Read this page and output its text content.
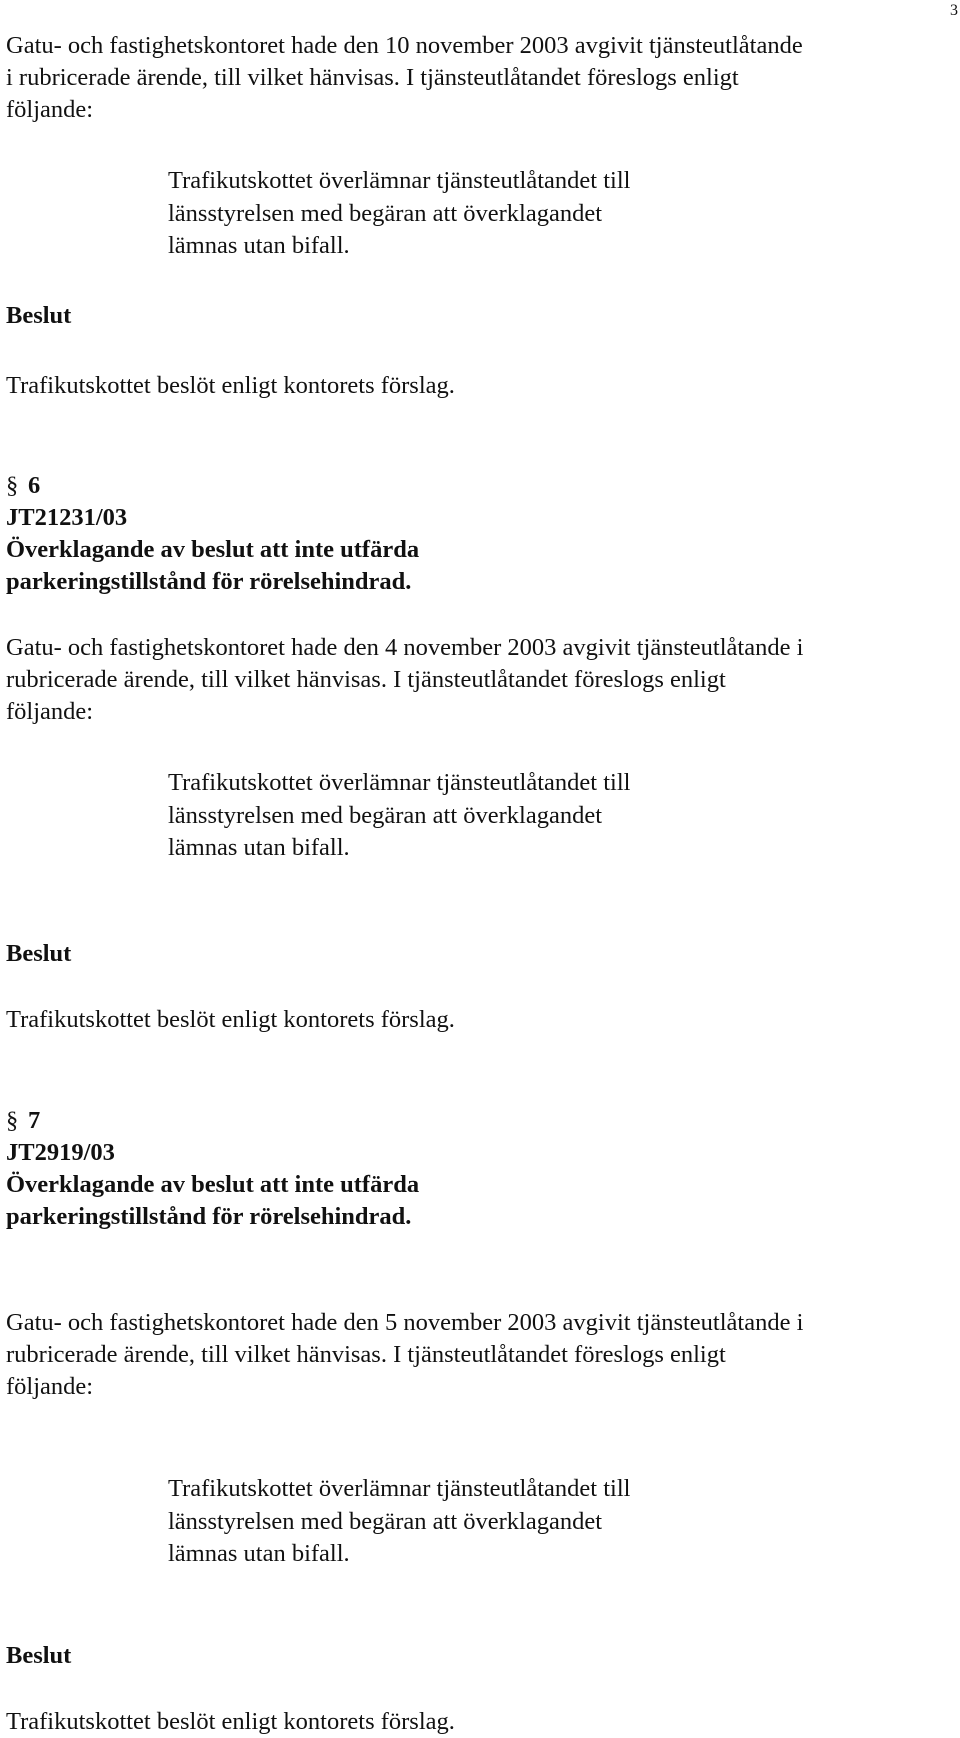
3
Gatu- och fastighetskontoret hade den 10 november 2003 avgivit tjänsteutlåtande
i rubricerade ärende, till vilket hänvisas. I tjänsteutlåtandet föreslogs enligt
följande:
Trafikutskottet överlämnar tjänsteutlåtandet till
länsstyrelsen med begäran att överklagandet
lämnas utan bifall.
Beslut
Trafikutskottet beslöt enligt kontorets förslag.
§ 6
JT21231/03
Överklagande av beslut att inte utfärda
parkeringstillstånd för rörelsehindrad.
Gatu- och fastighetskontoret hade den 4 november 2003 avgivit tjänsteutlåtande i
rubricerade ärende, till vilket hänvisas. I tjänsteutlåtandet föreslogs enligt
följande:
Trafikutskottet överlämnar tjänsteutlåtandet till
länsstyrelsen med begäran att överklagandet
lämnas utan bifall.
Beslut
Trafikutskottet beslöt enligt kontorets förslag.
§ 7
JT2919/03
Överklagande av beslut att inte utfärda
parkeringstillstånd för rörelsehindrad.
Gatu- och fastighetskontoret hade den 5 november 2003 avgivit tjänsteutlåtande i
rubricerade ärende, till vilket hänvisas. I tjänsteutlåtandet föreslogs enligt
följande:
Trafikutskottet överlämnar tjänsteutlåtandet till
länsstyrelsen med begäran att överklagandet
lämnas utan bifall.
Beslut
Trafikutskottet beslöt enligt kontorets förslag.
